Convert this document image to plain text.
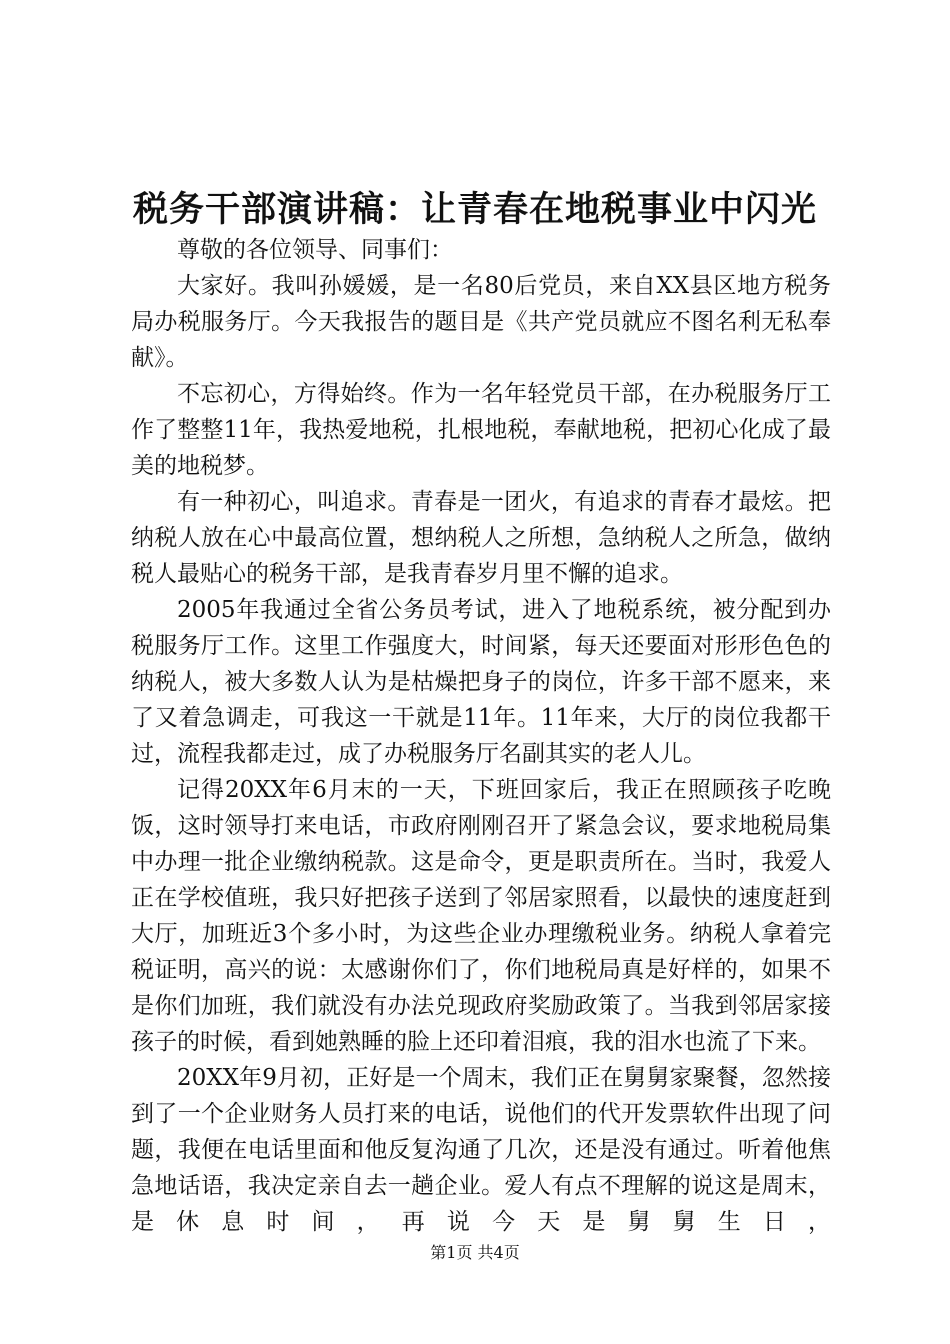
税务干部演讲稿：让青春在地税事业中闪光

尊敬的各位领导、同事们：

大家好。我叫孙媛媛，是一名80后党员，来自XX县区地方税务局办税服务厅。今天我报告的题目是《共产党员就应不图名利无私奉献》。

不忘初心，方得始终。作为一名年轻党员干部，在办税服务厅工作了整整11年，我热爱地税，扎根地税，奉献地税，把初心化成了最美的地税梦。

有一种初心，叫追求。青春是一团火，有追求的青春才最炫。把纳税人放在心中最高位置，想纳税人之所想，急纳税人之所急，做纳税人最贴心的税务干部，是我青春岁月里不懈的追求。

2005年我通过全省公务员考试，进入了地税系统，被分配到办税服务厅工作。这里工作强度大，时间紧，每天还要面对形形色色的纳税人，被大多数人认为是枯燥把身子的岗位，许多干部不愿来，来了又着急调走，可我这一干就是11年。11年来，大厅的岗位我都干过，流程我都走过，成了办税服务厅名副其实的老人儿。

记得20XX年6月末的一天，下班回家后，我正在照顾孩子吃晚饭，这时领导打来电话，市政府刚刚召开了紧急会议，要求地税局集中办理一批企业缴纳税款。这是命令，更是职责所在。当时，我爱人正在学校值班，我只好把孩子送到了邻居家照看，以最快的速度赶到大厅，加班近3个多小时，为这些企业办理缴税业务。纳税人拿着完税证明，高兴的说：太感谢你们了，你们地税局真是好样的，如果不是你们加班，我们就没有办法兑现政府奖励政策了。当我到邻居家接孩子的时候，看到她熟睡的脸上还印着泪痕，我的泪水也流了下来。

20XX年9月初，正好是一个周末，我们正在舅舅家聚餐，忽然接到了一个企业财务人员打来的电话，说他们的代开发票软件出现了问题，我便在电话里面和他反复沟通了几次，还是没有通过。听着他焦急地话语，我决定亲自去一趟企业。爱人有点不理解的说这是周末，是休息时间，再说今天是舅舅生日，

第1页 共4页
